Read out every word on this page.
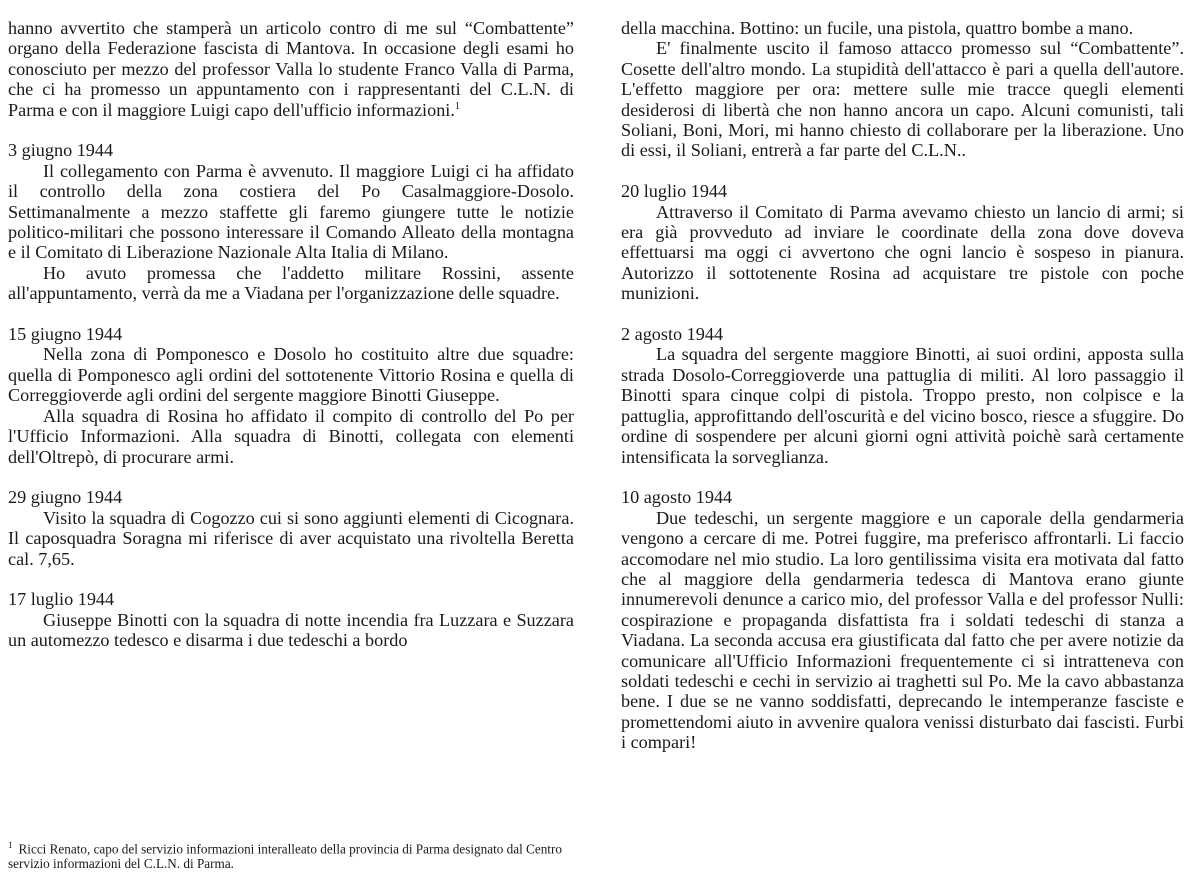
hanno avvertito che stamperà un articolo contro di me sul “Combattente” organo della Federazione fascista di Mantova. In occasione degli esami ho conosciuto per mezzo del professor Valla lo studente Franco Valla di Parma, che ci ha promesso un appuntamento con i rappresentanti del C.L.N. di Parma e con il maggiore Luigi capo dell'ufficio informazioni.$^1$

3 giugno 1944

Il collegamento con Parma è avvenuto. Il maggiore Luigi ci ha affidato il controllo della zona costiera del Po Casalmaggiore-Dosolo. Settimanalmente a mezzo staffette gli faremo giungere tutte le notizie politico-militari che possono interessare il Comando Alleato della montagna e il Comitato di Liberazione Nazionale Alta Italia di Milano.

Ho avuto promessa che l'addetto militare Rossini, assente all'appuntamento, verrà da me a Viadana per l'organizzazione delle squadre.

15 giugno 1944

Nella zona di Pomponesco e Dosolo ho costituito altre due squadre: quella di Pomponesco agli ordini del sottotenente Vittorio Rosina e quella di Correggioverde agli ordini del sergente maggiore Binotti Giuseppe.

Alla squadra di Rosina ho affidato il compito di controllo del Po per l'Ufficio Informazioni. Alla squadra di Binotti, collegata con elementi dell'Oltrepò, di procurare armi.

29 giugno 1944

Visito la squadra di Cogozzo cui si sono aggiunti elementi di Cicognara. Il caposquadra Soragna mi riferisce di aver acquistato una rivoltella Beretta cal. 7,65.

17 luglio 1944

Giuseppe Binotti con la squadra di notte incendia fra Luzzara e Suzzara un automezzo tedesco e disarma i due tedeschi a bordo

della macchina. Bottino: un fucile, una pistola, quattro bombe a mano.

E' finalmente uscito il famoso attacco promesso sul “Combattente”. Cosette dell'altro mondo. La stupidità dell'attacco è pari a quella dell'autore. L'effetto maggiore per ora: mettere sulle mie tracce quegli elementi desiderosi di libertà che non hanno ancora un capo. Alcuni comunisti, tali Soliani, Boni, Mori, mi hanno chiesto di collaborare per la liberazione. Uno di essi, il Soliani, entrerà a far parte del C.L.N..

20 luglio 1944

Attraverso il Comitato di Parma avevamo chiesto un lancio di armi; si era già provveduto ad inviare le coordinate della zona dove doveva effettuarsi ma oggi ci avvertono che ogni lancio è sospeso in pianura. Autorizzo il sottotenente Rosina ad acquistare tre pistole con poche munizioni.

2 agosto 1944

La squadra del sergente maggiore Binotti, ai suoi ordini, apposta sulla strada Dosolo-Correggioverde una pattuglia di militi. Al loro passaggio il Binotti spara cinque colpi di pistola. Troppo presto, non colpisce e la pattuglia, approfittando dell'oscurità e del vicino bosco, riesce a sfuggire. Do ordine di sospendere per alcuni giorni ogni attività poichè sarà certamente intensificata la sorveglianza.

10 agosto 1944

Due tedeschi, un sergente maggiore e un caporale della gendarmeria vengono a cercare di me. Potrei fuggire, ma preferisco affrontarli. Li faccio accomodare nel mio studio. La loro gentilissima visita era motivata dal fatto che al maggiore della gendarmeria tedesca di Mantova erano giunte innumerevoli denunce a carico mio, del professor Valla e del professor Nulli: cospirazione e propaganda disfattista fra i soldati tedeschi di stanza a Viadana. La seconda accusa era giustificata dal fatto che per avere notizie da comunicare all'Ufficio Informazioni frequentemente ci si intratteneva con soldati tedeschi e cechi in servizio ai traghetti sul Po. Me la cavo abbastanza bene. I due se ne vanno soddisfatti, deprecando le intemperanze fasciste e promettendomi aiuto in avvenire qualora venissi disturbato dai fascisti. Furbi i compari!

$^1$ Ricci Renato, capo del servizio informazioni interalleato della provincia di Parma designato dal Centro servizio informazioni del C.L.N. di Parma.
